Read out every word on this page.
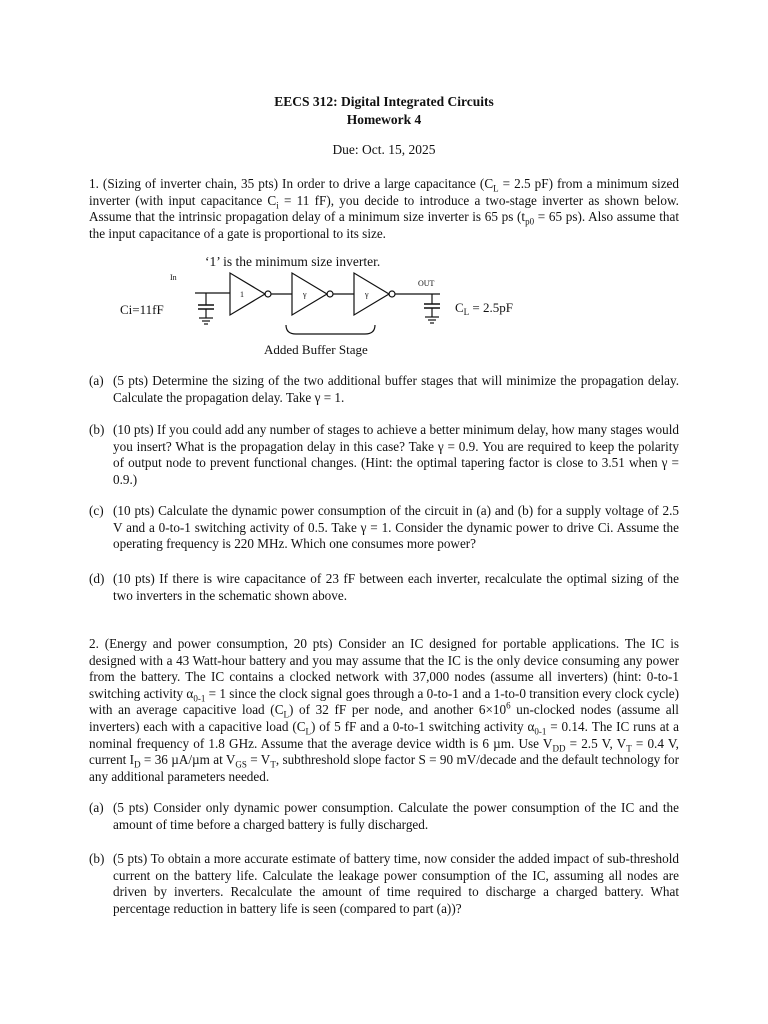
EECS 312: Digital Integrated Circuits
Homework 4
Due: Oct. 15, 2025
1. (Sizing of inverter chain, 35 pts) In order to drive a large capacitance ($C_L = 2.5$ pF) from a minimum sized inverter (with input capacitance $C_i = 11$ fF), you decide to introduce a two-stage inverter as shown below. Assume that the intrinsic propagation delay of a minimum size inverter is 65 ps ($t_{p0} = 65$ ps). Also assume that the input capacitance of a gate is proportional to its size.
‘1’ is the minimum size inverter.
In
OUT
Ci=11fF
1	γ	γ
$C_L = 2.5pF$
Added Buffer Stage
(a) (5 pts) Determine the sizing of the two additional buffer stages that will minimize the propagation delay. Calculate the propagation delay. Take γ = 1.
(b) (10 pts) If you could add any number of stages to achieve a better minimum delay, how many stages would you insert? What is the propagation delay in this case? Take γ = 0.9. You are required to keep the polarity of output node to prevent functional changes. (Hint: the optimal tapering factor is close to 3.51 when γ = 0.9.)
(c) (10 pts) Calculate the dynamic power consumption of the circuit in (a) and (b) for a supply voltage of 2.5 V and a 0-to-1 switching activity of 0.5. Take γ = 1. Consider the dynamic power to drive Ci. Assume the operating frequency is 220 MHz. Which one consumes more power?
(d) (10 pts) If there is wire capacitance of 23 fF between each inverter, recalculate the optimal sizing of the two inverters in the schematic shown above.
2. (Energy and power consumption, 20 pts) Consider an IC designed for portable applications. The IC is designed with a 43 Watt-hour battery and you may assume that the IC is the only device consuming any power from the battery. The IC contains a clocked network with 37,000 nodes (assume all inverters) (hint: 0-to-1 switching activity $\alpha_{0-1} = 1$ since the clock signal goes through a 0-to-1 and a 1-to-0 transition every clock cycle) with an average capacitive load $(C_L)$ of 32 fF per node, and another $6\times 10^6$ un-clocked nodes (assume all inverters) each with a capacitive load $(C_L)$ of 5 fF and a 0-to-1 switching activity $\alpha_{0-1} = 0.14$. The IC runs at a nominal frequency of 1.8 GHz. Assume that the average device width is 6 µm. Use $V_{DD} = 2.5$ V, $V_T = 0.4$ V, current $I_D = 36$ µA/µm at $V_{GS} = V_T$, subthreshold slope factor S = 90 mV/decade and the default technology for any additional parameters needed.
(a) (5 pts) Consider only dynamic power consumption. Calculate the power consumption of the IC and the amount of time before a charged battery is fully discharged.
(b) (5 pts) To obtain a more accurate estimate of battery time, now consider the added impact of sub-threshold current on the battery life. Calculate the leakage power consumption of the IC, assuming all nodes are driven by inverters. Recalculate the amount of time required to discharge a charged battery. What percentage reduction in battery life is seen (compared to part (a))?
